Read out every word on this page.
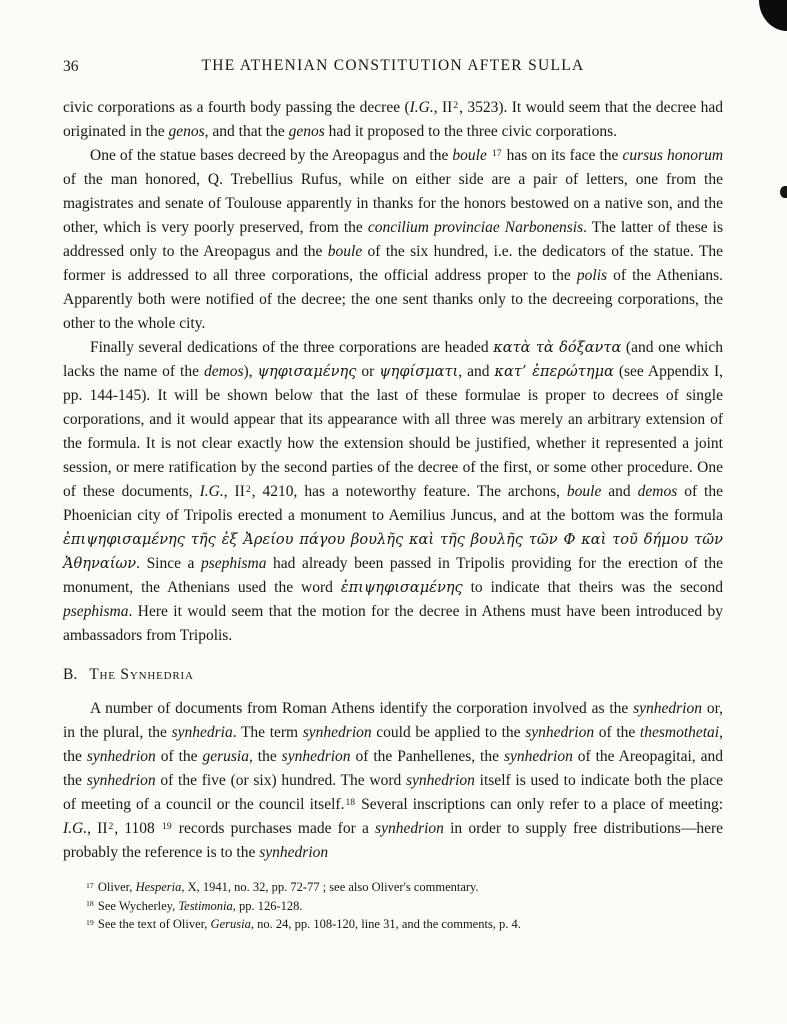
36	THE ATHENIAN CONSTITUTION AFTER SULLA

civic corporations as a fourth body passing the decree (I.G., $II^2$, 3523). It would seem that the decree had originated in the genos, and that the genos had it proposed to the three civic corporations.

One of the statue bases decreed by the Areopagus and the boule $^{17}$ has on its face the cursus honorum of the man honored, Q. Trebellius Rufus, while on either side are a pair of letters, one from the magistrates and senate of Toulouse apparently in thanks for the honors bestowed on a native son, and the other, which is very poorly preserved, from the concilium provinciae Narbonensis. The latter of these is addressed only to the Areopagus and the boule of the six hundred, i.e. the dedicators of the statue. The former is addressed to all three corporations, the official address proper to the polis of the Athenians. Apparently both were notified of the decree; the one sent thanks only to the decreeing corporations, the other to the whole city.

Finally several dedications of the three corporations are headed κατὰ τὰ δόξαντα (and one which lacks the name of the demos), ψηφισαμένης or ψηφίσματι, and κατ’ ἐπερώτημα (see Appendix I, pp. 144-145). It will be shown below that the last of these formulae is proper to decrees of single corporations, and it would appear that its appearance with all three was merely an arbitrary extension of the formula. It is not clear exactly how the extension should be justified, whether it represented a joint session, or mere ratification by the second parties of the decree of the first, or some other procedure. One of these documents, I.G., $II^2$, 4210, has a noteworthy feature. The archons, boule and demos of the Phoenician city of Tripolis erected a monument to Aemilius Juncus, and at the bottom was the formula ἐπιψηφισαμένης τῆς ἐξ Ἀρείου πάγου βουλῆς καὶ τῆς βουλῆς τῶν Φ καὶ τοῦ δήμου τῶν Ἀθηναίων. Since a psephisma had already been passed in Tripolis providing for the erection of the monument, the Athenians used the word ἐπιψηφισαμένης to indicate that theirs was the second psephisma. Here it would seem that the motion for the decree in Athens must have been introduced by ambassadors from Tripolis.

B. The Synhedria

A number of documents from Roman Athens identify the corporation involved as the synhedrion or, in the plural, the synhedria. The term synhedrion could be applied to the synhedrion of the thesmothetai, the synhedrion of the gerusia, the synhedrion of the Panhellenes, the synhedrion of the Areopagitai, and the synhedrion of the five (or six) hundred. The word synhedrion itself is used to indicate both the place of meeting of a council or the council itself.$^{18}$ Several inscriptions can only refer to a place of meeting: I.G., $II^2$, 1108 $^{19}$ records purchases made for a synhedrion in order to supply free distributions—here probably the reference is to the synhedrion

$^{17}$ Oliver, Hesperia, X, 1941, no. 32, pp. 72-77 ; see also Oliver's commentary.

$^{18}$ See Wycherley, Testimonia, pp. 126-128.

$^{19}$ See the text of Oliver, Gerusia, no. 24, pp. 108-120, line 31, and the comments, p. 4.
